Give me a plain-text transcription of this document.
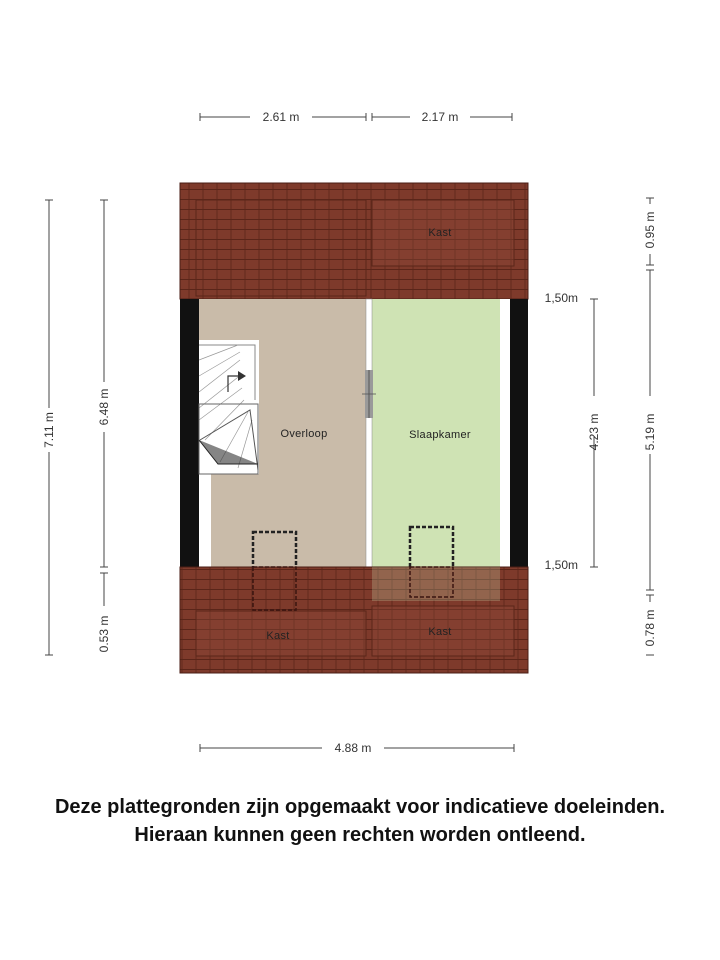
Kast
Overloop	Slaapkamer
Kast	Kast
2.61 m	2.17 m
4.88 m
7.11 m
6.48 m
0.53 m
1,50m
1,50m
4.23 m
0.95 m
5.19 m
0.78 m
Deze plattegronden zijn opgemaakt voor indicatieve doeleinden.
Hieraan kunnen geen rechten worden ontleend.
